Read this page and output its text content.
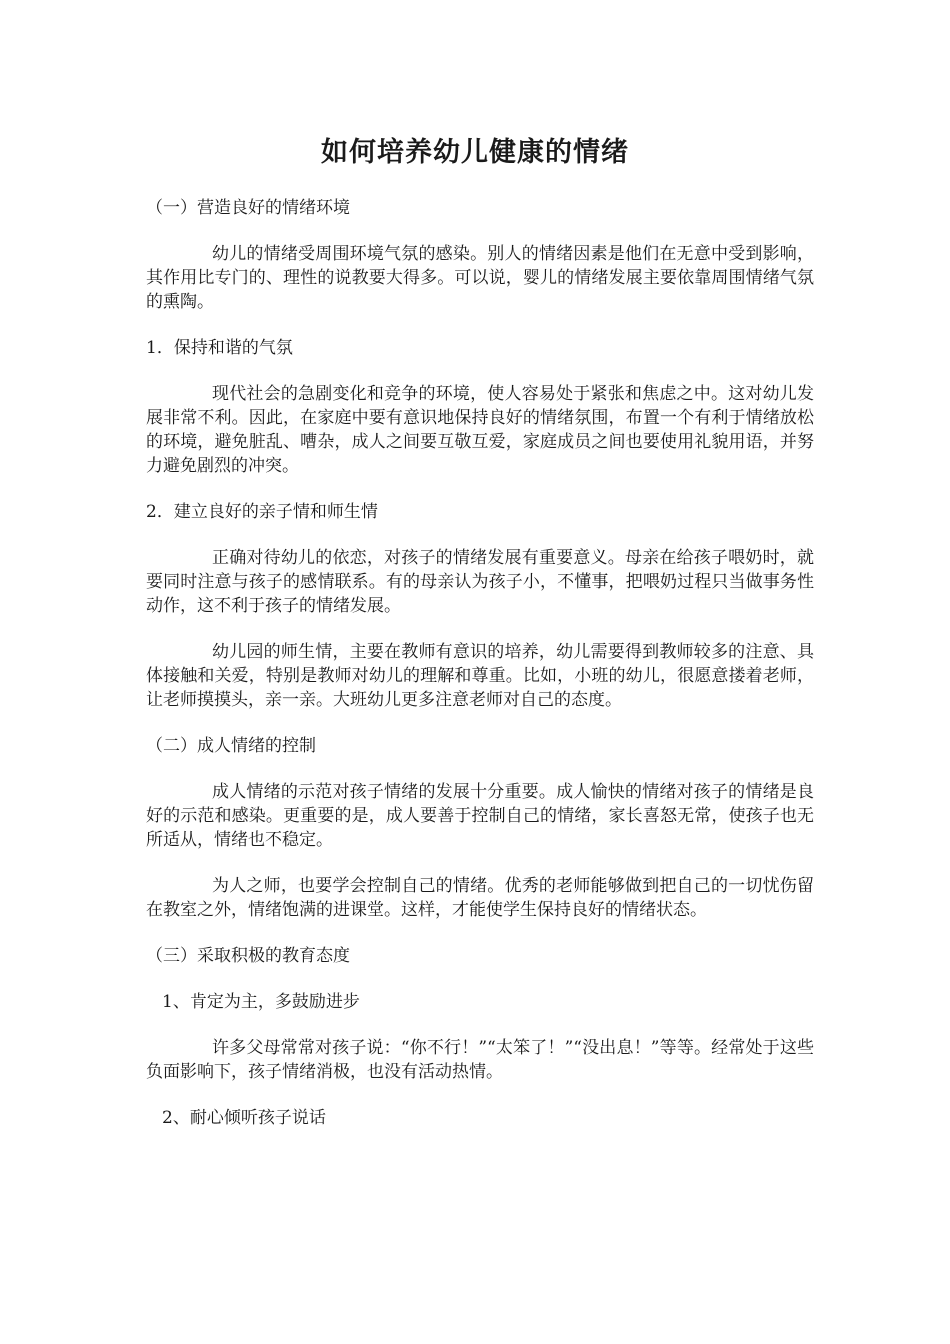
如何培养幼儿健康的情绪
（一）营造良好的情绪环境

幼儿的情绪受周围环境气氛的感染。别人的情绪因素是他们在无意中受到影响，其作用比专门的、理性的说教要大得多。可以说，婴儿的情绪发展主要依靠周围情绪气氛的熏陶。

1．保持和谐的气氛

现代社会的急剧变化和竞争的环境，使人容易处于紧张和焦虑之中。这对幼儿发展非常不利。因此，在家庭中要有意识地保持良好的情绪氛围，布置一个有利于情绪放松的环境，避免脏乱、嘈杂，成人之间要互敬互爱，家庭成员之间也要使用礼貌用语，并努力避免剧烈的冲突。

2．建立良好的亲子情和师生情

正确对待幼儿的依恋，对孩子的情绪发展有重要意义。母亲在给孩子喂奶时，就要同时注意与孩子的感情联系。有的母亲认为孩子小，不懂事，把喂奶过程只当做事务性动作，这不利于孩子的情绪发展。

幼儿园的师生情，主要在教师有意识的培养，幼儿需要得到教师较多的注意、具体接触和关爱，特别是教师对幼儿的理解和尊重。比如，小班的幼儿，很愿意搂着老师，让老师摸摸头，亲一亲。大班幼儿更多注意老师对自己的态度。

（二）成人情绪的控制

成人情绪的示范对孩子情绪的发展十分重要。成人愉快的情绪对孩子的情绪是良好的示范和感染。更重要的是，成人要善于控制自己的情绪，家长喜怒无常，使孩子也无所适从，情绪也不稳定。

为人之师，也要学会控制自己的情绪。优秀的老师能够做到把自己的一切忧伤留在教室之外，情绪饱满的进课堂。这样，才能使学生保持良好的情绪状态。

（三）采取积极的教育态度
1、肯定为主，多鼓励进步

许多父母常常对孩子说：“你不行！”“太笨了！”“没出息！”等等。经常处于这些负面影响下，孩子情绪消极，也没有活动热情。

2、耐心倾听孩子说话
